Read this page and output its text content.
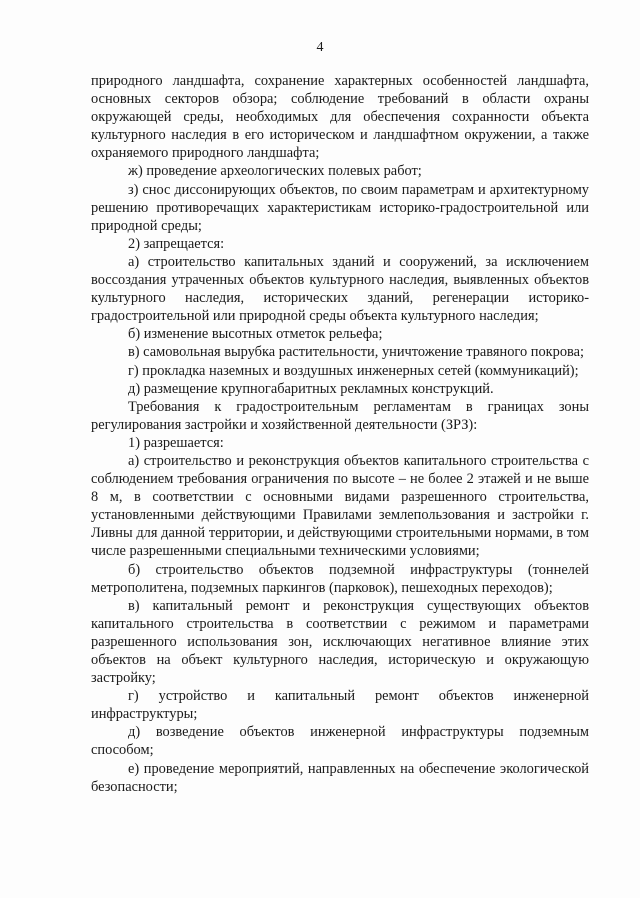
4

природного ландшафта, сохранение характерных особенностей ландшафта, основных секторов обзора; соблюдение требований в области охраны окружающей среды, необходимых для обеспечения сохранности объекта культурного наследия в его историческом и ландшафтном окружении, а также охраняемого природного ландшафта;

ж) проведение археологических полевых работ;

з) снос диссонирующих объектов, по своим параметрам и архитектурному решению противоречащих характеристикам историко-градостроительной или природной среды;

2) запрещается:

а) строительство капитальных зданий и сооружений, за исключением воссоздания утраченных объектов культурного наследия, выявленных объектов культурного наследия, исторических зданий, регенерации историко-градостроительной или природной среды объекта культурного наследия;

б) изменение высотных отметок рельефа;

в) самовольная вырубка растительности, уничтожение травяного покрова;

г) прокладка наземных и воздушных инженерных сетей (коммуникаций);

д) размещение крупногабаритных рекламных конструкций.

Требования к градостроительным регламентам в границах зоны регулирования застройки и хозяйственной деятельности (ЗРЗ):

1) разрешается:

а) строительство и реконструкция объектов капитального строительства с соблюдением требования ограничения по высоте – не более 2 этажей и не выше 8 м, в соответствии с основными видами разрешенного строительства, установленными действующими Правилами землепользования и застройки г. Ливны для данной территории, и действующими строительными нормами, в том числе разрешенными специальными техническими условиями;

б) строительство объектов подземной инфраструктуры (тоннелей метрополитена, подземных паркингов (парковок), пешеходных переходов);

в) капитальный ремонт и реконструкция существующих объектов капитального строительства в соответствии с режимом и параметрами разрешенного использования зон, исключающих негативное влияние этих объектов на объект культурного наследия, историческую и окружающую застройку;

г) устройство и капитальный ремонт объектов инженерной инфраструктуры;

д) возведение объектов инженерной инфраструктуры подземным способом;

е) проведение мероприятий, направленных на обеспечение экологической безопасности;
